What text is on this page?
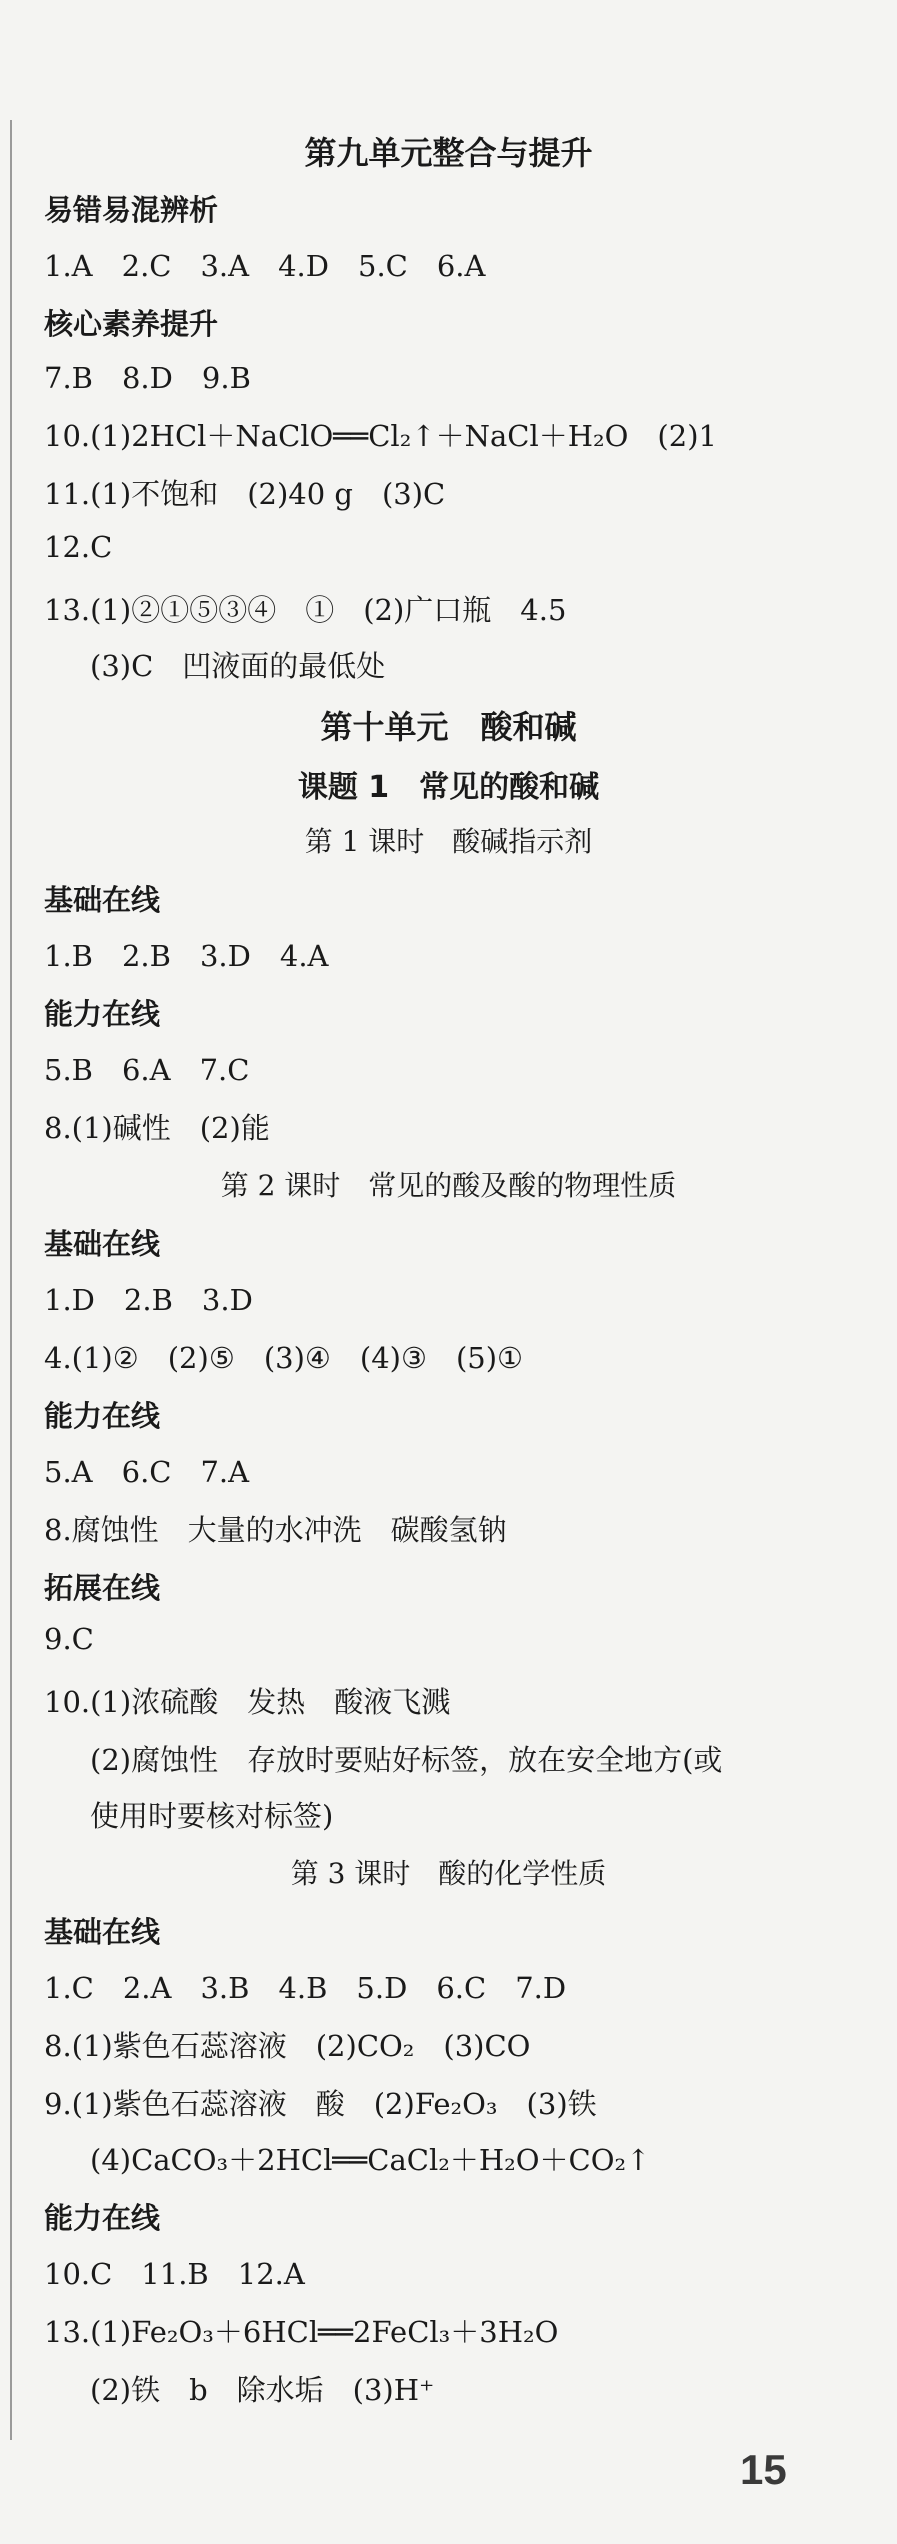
第九单元整合与提升
易错易混辨析
1.A　2.C　3.A　4.D　5.C　6.A
核心素养提升
7.B　8.D　9.B
10.(1)2HCl＋NaClO══Cl₂↑＋NaCl＋H₂O　(2)1
11.(1)不饱和　(2)40 g　(3)C
12.C
13.(1)②①⑤③④　①　(2)广口瓶　4.5
(3)C　凹液面的最低处
第十单元　酸和碱
课题 1　常见的酸和碱
第 1 课时　酸碱指示剂
基础在线
1.B　2.B　3.D　4.A
能力在线
5.B　6.A　7.C
8.(1)碱性　(2)能
第 2 课时　常见的酸及酸的物理性质
基础在线
1.D　2.B　3.D
4.(1)②　(2)⑤　(3)④　(4)③　(5)①
能力在线
5.A　6.C　7.A
8.腐蚀性　大量的水冲洗　碳酸氢钠
拓展在线
9.C
10.(1)浓硫酸　发热　酸液飞溅
(2)腐蚀性　存放时要贴好标签，放在安全地方(或
使用时要核对标签)
第 3 课时　酸的化学性质
基础在线
1.C　2.A　3.B　4.B　5.D　6.C　7.D
8.(1)紫色石蕊溶液　(2)CO₂　(3)CO
9.(1)紫色石蕊溶液　酸　(2)Fe₂O₃　(3)铁
(4)CaCO₃＋2HCl══CaCl₂＋H₂O＋CO₂↑
能力在线
10.C　11.B　12.A
13.(1)Fe₂O₃＋6HCl══2FeCl₃＋3H₂O
(2)铁　b　除水垢　(3)H⁺
15
